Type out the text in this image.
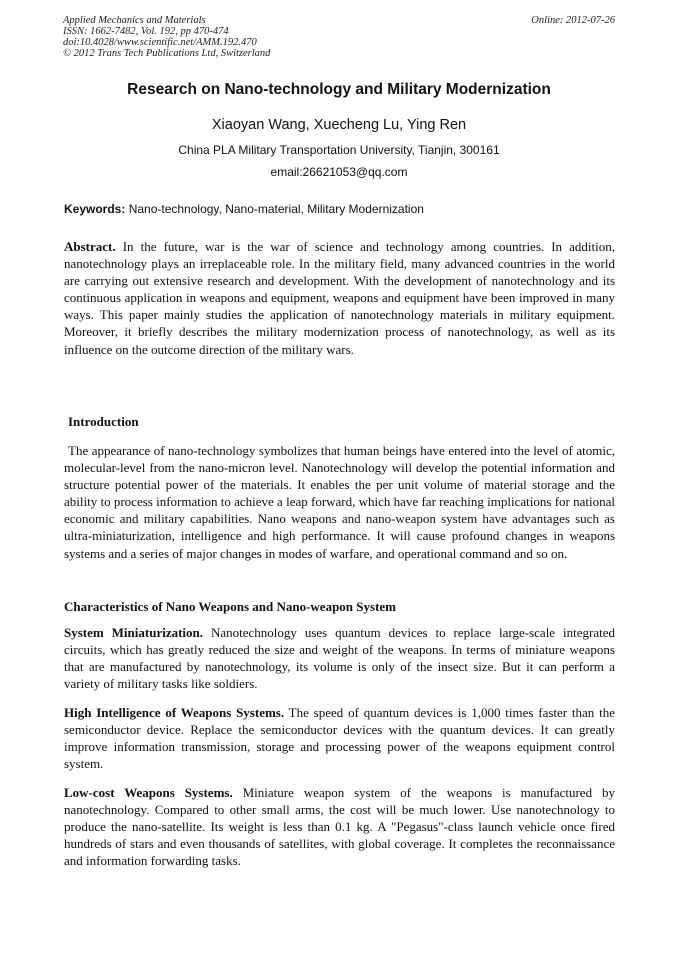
Applied Mechanics and Materials
ISSN: 1662-7482, Vol. 192, pp 470-474
doi:10.4028/www.scientific.net/AMM.192.470
© 2012 Trans Tech Publications Ltd, Switzerland
Online: 2012-07-26
Research on Nano-technology and Military Modernization
Xiaoyan Wang, Xuecheng Lu, Ying Ren
China PLA Military Transportation University, Tianjin, 300161
email:26621053@qq.com
Keywords: Nano-technology, Nano-material, Military Modernization
Abstract. In the future, war is the war of science and technology among countries. In addition, nanotechnology plays an irreplaceable role. In the military field, many advanced countries in the world are carrying out extensive research and development. With the development of nanotechnology and its continuous application in weapons and equipment, weapons and equipment have been improved in many ways. This paper mainly studies the application of nanotechnology materials in military equipment. Moreover, it briefly describes the military modernization process of nanotechnology, as well as its influence on the outcome direction of the military wars.
Introduction
The appearance of nano-technology symbolizes that human beings have entered into the level of atomic, molecular-level from the nano-micron level. Nanotechnology will develop the potential information and structure potential power of the materials. It enables the per unit volume of material storage and the ability to process information to achieve a leap forward, which have far reaching implications for national economic and military capabilities. Nano weapons and nano-weapon system have advantages such as ultra-miniaturization, intelligence and high performance. It will cause profound changes in weapons systems and a series of major changes in modes of warfare, and operational command and so on.
Characteristics of Nano Weapons and Nano-weapon System
System Miniaturization. Nanotechnology uses quantum devices to replace large-scale integrated circuits, which has greatly reduced the size and weight of the weapons. In terms of miniature weapons that are manufactured by nanotechnology, its volume is only of the insect size. But it can perform a variety of military tasks like soldiers.
High Intelligence of Weapons Systems. The speed of quantum devices is 1,000 times faster than the semiconductor device. Replace the semiconductor devices with the quantum devices. It can greatly improve information transmission, storage and processing power of the weapons equipment control system.
Low-cost Weapons Systems. Miniature weapon system of the weapons is manufactured by nanotechnology. Compared to other small arms, the cost will be much lower. Use nanotechnology to produce the nano-satellite. Its weight is less than 0.1 kg. A "Pegasus"-class launch vehicle once fired hundreds of stars and even thousands of satellites, with global coverage. It completes the reconnaissance and information forwarding tasks.
